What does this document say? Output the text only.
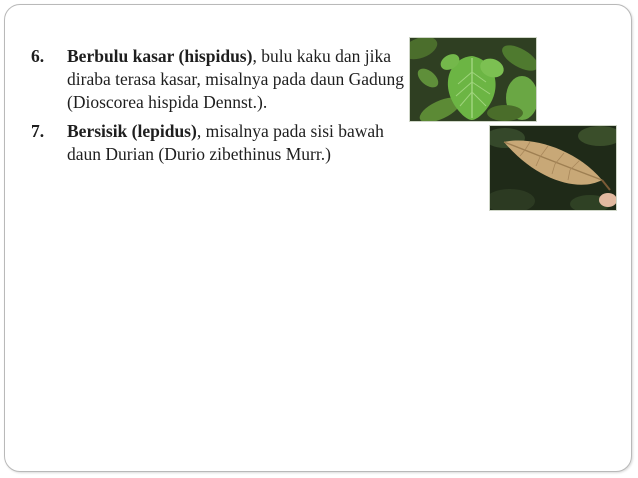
6. Berbulu kasar (hispidus), bulu kaku dan jika diraba terasa kasar, misalnya pada daun Gadung (Dioscorea hispida Dennst.).
7. Bersisik (lepidus), misalnya pada sisi bawah daun Durian (Durio zibethinus Murr.)
